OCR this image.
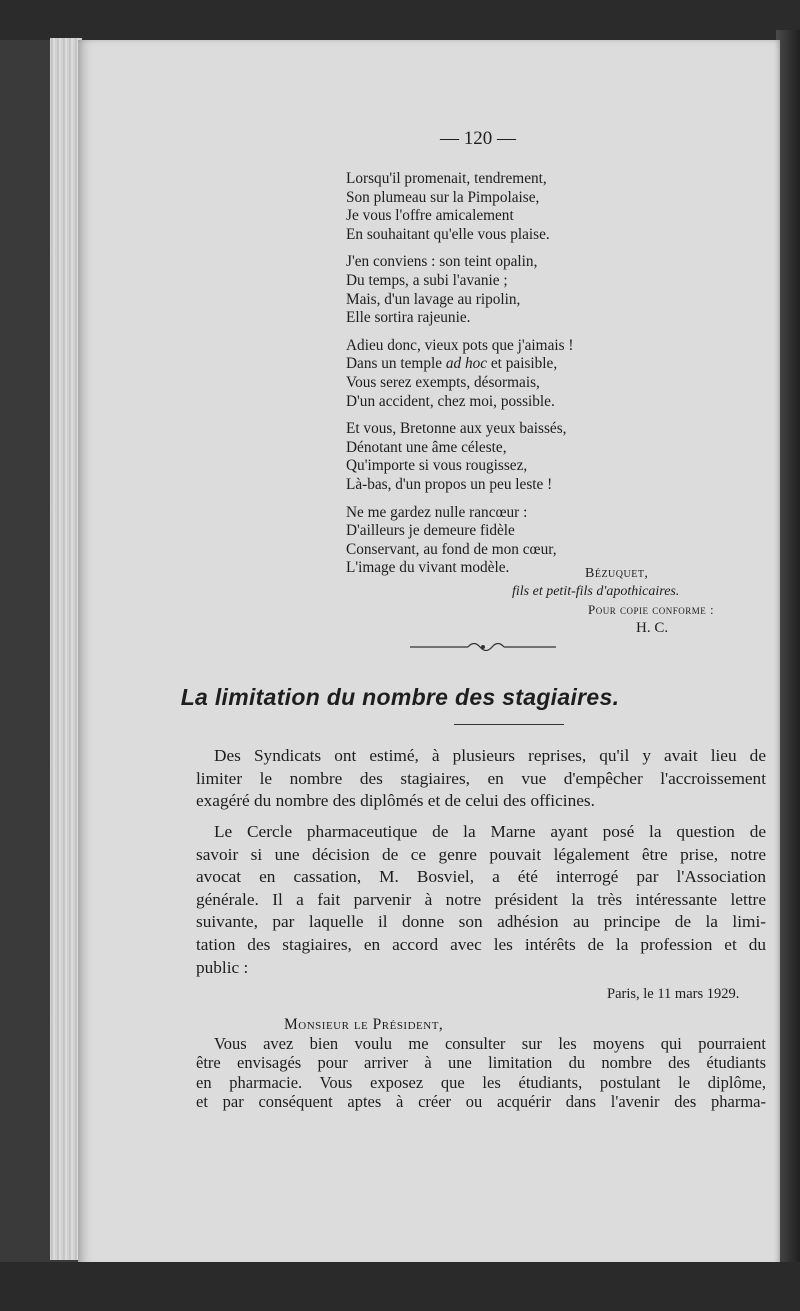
— 120 —
Lorsqu'il promenait, tendrement,
Son plumeau sur la Pimpolaise,
Je vous l'offre amicalement
En souhaitant qu'elle vous plaise.
J'en conviens : son teint opalin,
Du temps, a subi l'avanie ;
Mais, d'un lavage au ripolin,
Elle sortira rajeunie.
Adieu donc, vieux pots que j'aimais !
Dans un temple ad hoc et paisible,
Vous serez exempts, désormais,
D'un accident, chez moi, possible.
Et vous, Bretonne aux yeux baissés,
Dénotant une âme céleste,
Qu'importe si vous rougissez,
Là-bas, d'un propos un peu leste !
Ne me gardez nulle rancœur :
D'ailleurs je demeure fidèle
Conservant, au fond de mon cœur,
L'image du vivant modèle.	Bézuquet,
fils et petit-fils d'apothicaires.
Pour copie conforme :
H. C.
La limitation du nombre des stagiaires.
Des Syndicats ont estimé, à plusieurs reprises, qu'il y avait lieu de
limiter le nombre des stagiaires, en vue d'empêcher l'accroissement
exagéré du nombre des diplômés et de celui des officines.
Le Cercle pharmaceutique de la Marne ayant posé la question de
savoir si une décision de ce genre pouvait légalement être prise, notre
avocat en cassation, M. Bosviel, a été interrogé par l'Association
générale. Il a fait parvenir à notre président la très intéressante lettre
suivante, par laquelle il donne son adhésion au principe de la limi-
tation des stagiaires, en accord avec les intérêts de la profession et du
public :
Paris, le 11 mars 1929.
Monsieur le Président,
Vous avez bien voulu me consulter sur les moyens qui pourraient
être envisagés pour arriver à une limitation du nombre des étudiants
en pharmacie. Vous exposez que les étudiants, postulant le diplôme,
et par conséquent aptes à créer ou acquérir dans l'avenir des pharma-
